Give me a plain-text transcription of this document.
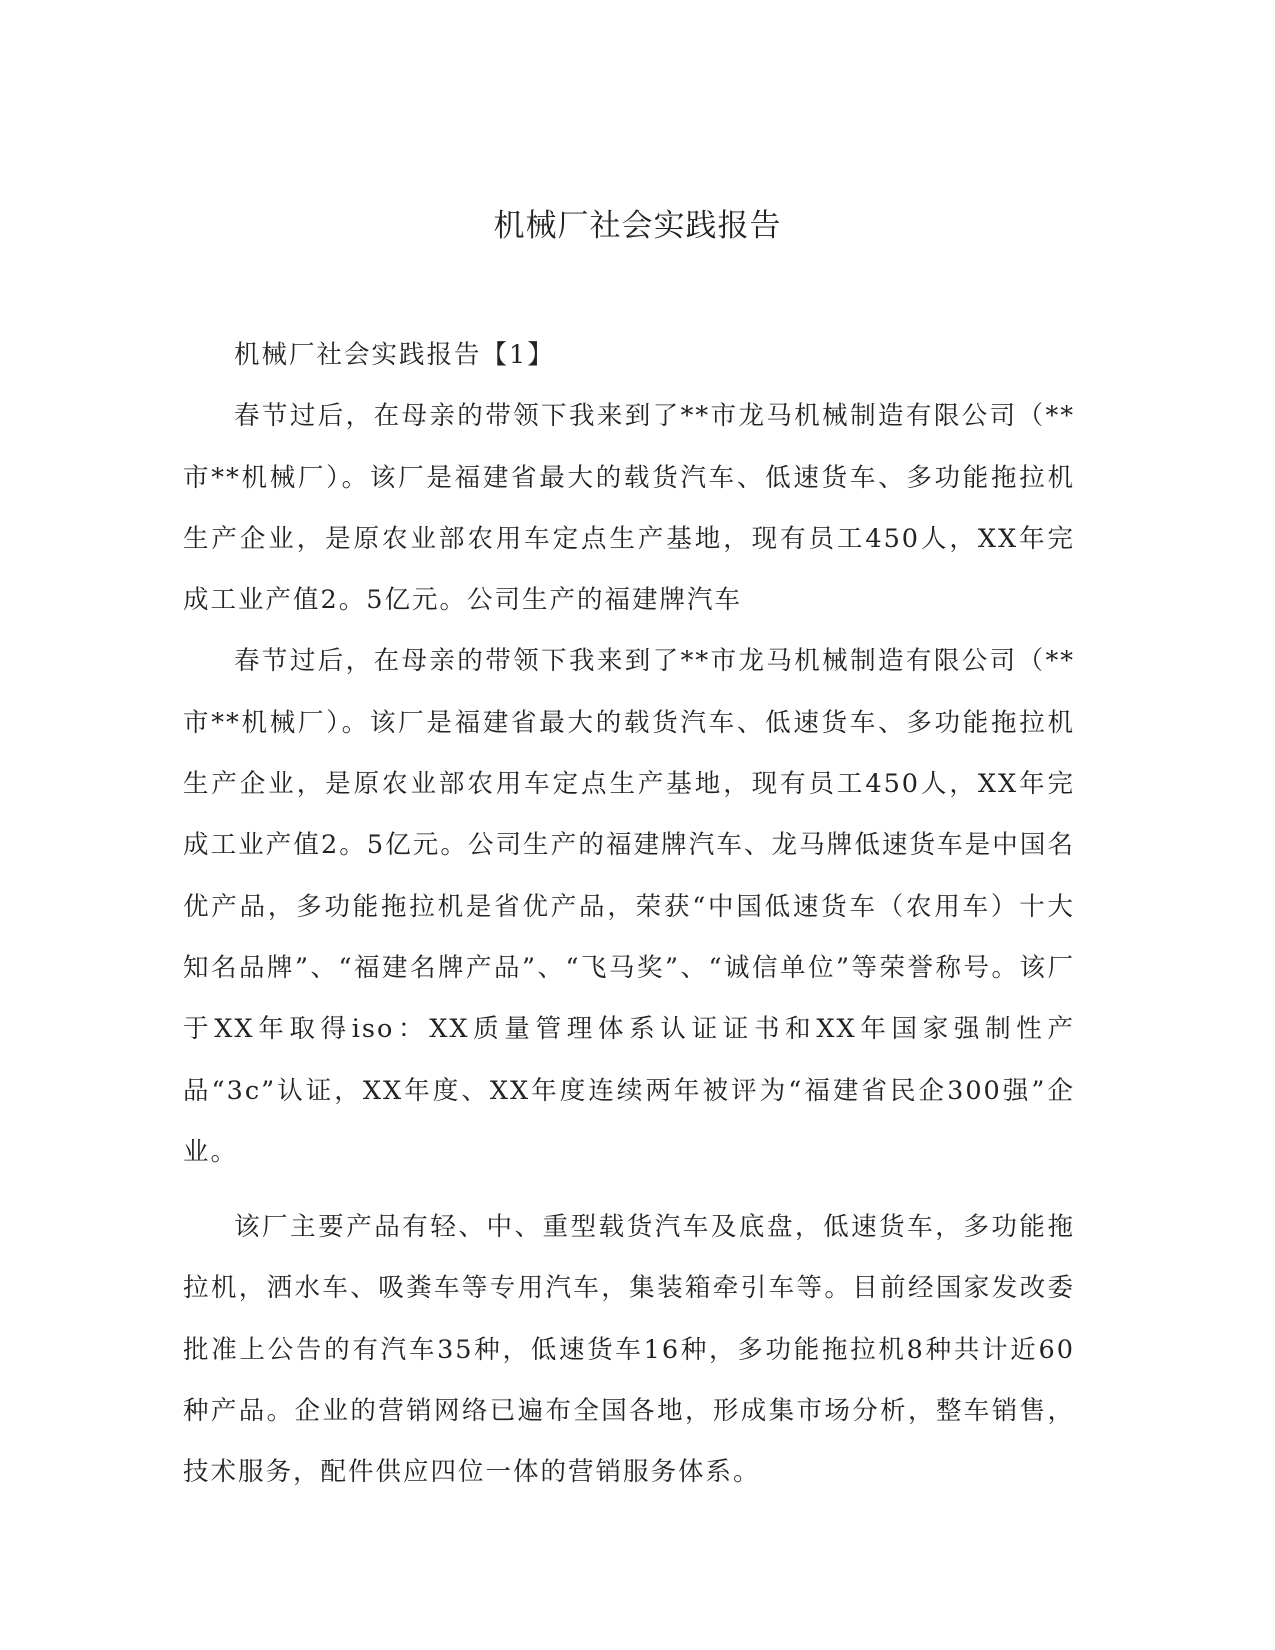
机械厂社会实践报告

机械厂社会实践报告【1】

春节过后，在母亲的带领下我来到了**市龙马机械制造有限公司（**市**机械厂）。该厂是福建省最大的载货汽车、低速货车、多功能拖拉机生产企业，是原农业部农用车定点生产基地，现有员工450人，XX年完成工业产值2。5亿元。公司生产的福建牌汽车

春节过后，在母亲的带领下我来到了**市龙马机械制造有限公司（**市**机械厂）。该厂是福建省最大的载货汽车、低速货车、多功能拖拉机生产企业，是原农业部农用车定点生产基地，现有员工450人，XX年完成工业产值2。5亿元。公司生产的福建牌汽车、龙马牌低速货车是中国名优产品，多功能拖拉机是省优产品，荣获“中国低速货车（农用车）十大知名品牌”、“福建名牌产品”、“飞马奖”、“诚信单位”等荣誉称号。该厂于XX年取得iso：XX质量管理体系认证证书和XX年国家强制性产品“3c”认证，XX年度、XX年度连续两年被评为“福建省民企300强”企业。

该厂主要产品有轻、中、重型载货汽车及底盘，低速货车，多功能拖拉机，洒水车、吸粪车等专用汽车，集装箱牵引车等。目前经国家发改委批准上公告的有汽车35种，低速货车16种，多功能拖拉机8种共计近60种产品。企业的营销网络已遍布全国各地，形成集市场分析，整车销售，技术服务，配件供应四位一体的营销服务体系。
